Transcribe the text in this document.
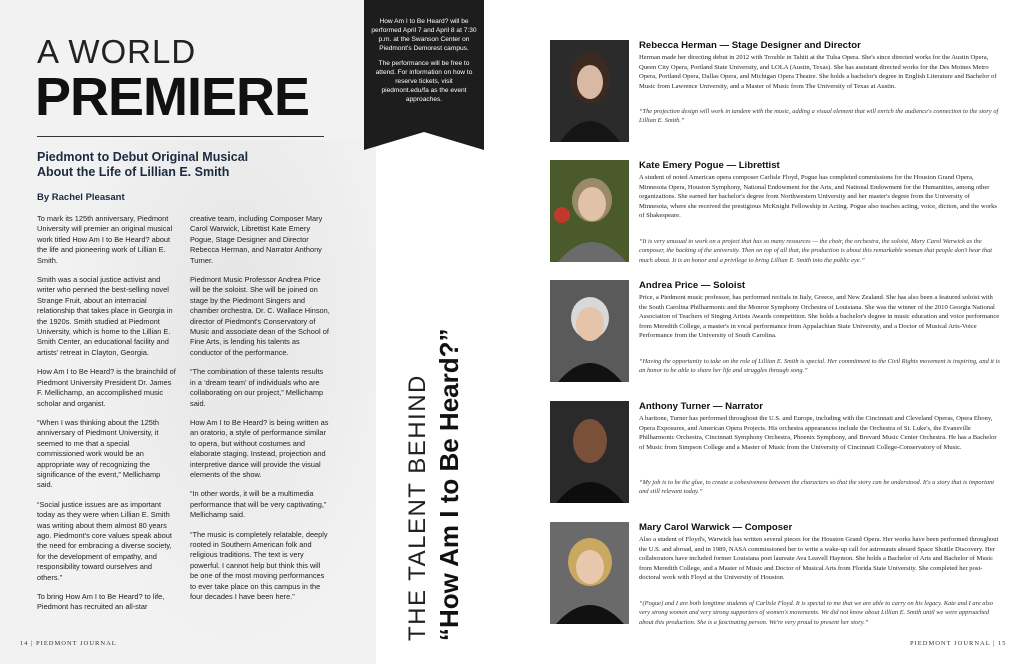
A WORLD
PREMIERE
Piedmont to Debut Original Musical About the Life of Lillian E. Smith
By Rachel Pleasant

To mark its 125th anniversary, Piedmont University will premier an original musical work titled How Am I to Be Heard? about the life and pioneering work of Lillian E. Smith.

Smith was a social justice activist and writer who penned the best-selling novel Strange Fruit, about an interracial relationship that takes place in Georgia in the 1920s. Smith studied at Piedmont University, which is home to the Lillian E. Smith Center, an educational facility and artists' retreat in Clayton, Georgia.

How Am I to Be Heard? is the brainchild of Piedmont University President Dr. James F. Mellichamp, an accomplished music scholar and organist.

“When I was thinking about the 125th anniversary of Piedmont University, it seemed to me that a special commissioned work would be an appropriate way of recognizing the significance of the event,” Mellichamp said.

“Social justice issues are as important today as they were when Lillian E. Smith was writing about them almost 80 years ago. Piedmont's core values speak about the need for embracing a diverse society, for the development of empathy, and responsibility toward ourselves and others.”

To bring How Am I to Be Heard? to life, Piedmont has recruited an all-star

creative team, including Composer Mary Carol Warwick, Librettist Kate Emery Pogue, Stage Designer and Director Rebecca Herman, and Narrator Anthony Turner.

Piedmont Music Professor Andrea Price will be the soloist. She will be joined on stage by the Piedmont Singers and chamber orchestra. Dr. C. Wallace Hinson, director of Piedmont's Conservatory of Music and associate dean of the School of Fine Arts, is lending his talents as conductor of the performance.

“The combination of these talents results in a ‘dream team’ of individuals who are collaborating on our project,” Mellichamp said.

How Am I to Be Heard? is being written as an oratorio, a style of performance similar to opera, but without costumes and elaborate staging. Instead, projection and interpretive dance will provide the visual elements of the show.

“In other words, it will be a multimedia performance that will be very captivating,” Mellichamp said.

“The music is completely relatable, deeply rooted in Southern American folk and religious traditions. The text is very powerful. I cannot help but think this will be one of the most moving performances to ever take place on this campus in the four decades I have been here.”

14 | PIEDMONT JOURNAL

How Am I to Be Heard? will be performed April 7 and April 8 at 7:30 p.m. at the Swanson Center on Piedmont's Demorest campus.

The performance will be free to attend. For information on how to reserve tickets, visit piedmont.edu/fa as the event approaches.

THE TALENT BEHIND “How Am I to Be Heard?”
Rebecca Herman — Stage Designer and Director
Herman made her directing debut in 2012 with Trouble in Tahiti at the Tulsa Opera. She's since directed works for the Austin Opera, Queen City Opera, Portland State University, and LOLA (Austin, Texas). She has assistant directed works for the Des Moines Metro Opera, Portland Opera, Dallas Opera, and Michigan Opera Theatre. She holds a bachelor's degree in English Literature and Bachelor of Music from Lawrence University, and a Master of Music from The University of Texas at Austin.
“The projection design will work in tandem with the music, adding a visual element that will enrich the audience's connection to the story of Lillian E. Smith.”
Kate Emery Pogue — Librettist
A student of noted American opera composer Carlisle Floyd, Pogue has completed commissions for the Houston Grand Opera, Minnesota Opera, Houston Symphony, National Endowment for the Arts, and National Endowment for the Humanities, among other organizations. She earned her bachelor's degree from Northwestern University and her master's degree from the University of Minnesota, where she received the prestigious McKnight Fellowship in Acting. Pogue also teaches acting, voice, diction, and the works of Shakespeare.
“It is very unusual to work on a project that has so many resources — the choir, the orchestra, the soloist, Mary Carol Warwick as the composer, the backing of the university. Then on top of all that, the production is about this remarkable woman that people don't hear that much about. It is an honor and a privilege to bring Lillian E. Smith into the public eye.”
Andrea Price — Soloist
Price, a Piedmont music professor, has performed recitals in Italy, Greece, and New Zealand. She has also been a featured soloist with the South Carolina Philharmonic and the Monroe Symphony Orchestra of Louisiana. She was the winner of the 2010 Georgia National Association of Teachers of Singing Artists Awards competition. She holds a bachelor's degree in music education and voice performance from Meredith College, a master's in vocal performance from Appalachian State University, and a Doctor of Musical Arts-Voice Performance from the University of South Carolina.
“Having the opportunity to take on the role of Lillian E. Smith is special. Her commitment to the Civil Rights movement is inspiring, and it is an honor to be able to share her life and struggles through song.”
Anthony Turner — Narrator
A baritone, Turner has performed throughout the U.S. and Europe, including with the Cincinnati and Cleveland Operas, Opera Ebony, Opera Exposures, and American Opera Projects. His orchestra appearances include the Orchestra of St. Luke's, the Evansville Philharmonic Orchestra, Cincinnati Symphony Orchestra, Phoenix Symphony, and Brevard Music Center Orchestra. He has a Bachelor of Music from Simpson College and a Master of Music from the University of Cincinnati College-Conservatory of Music.
“My job is to be the glue, to create a cohesiveness between the characters so that the story can be understood. It's a story that is important and still relevant today.”
Mary Carol Warwick — Composer
Also a student of Floyd's, Warwick has written several pieces for the Houston Grand Opera. Her works have been performed throughout the U.S. and abroad, and in 1989, NASA commissioned her to write a wake-up call for astronauts aboard Space Shuttle Discovery. Her collaborators have included former Louisiana poet laureate Ava Leavell Haymon. She holds a Bachelor of Arts and Bachelor of Music from Meredith College, and a Master of Music and Doctor of Musical Arts from Florida State University. She completed her post-doctoral work with Floyd at the University of Houston.
“(Pogue) and I are both longtime students of Carlisle Floyd. It is special to me that we are able to carry on his legacy. Kate and I are also very strong women and very strong supporters of women's movements. We did not know about Lillian E. Smith until we were approached about this production. She is a fascinating person. We're very proud to present her story.”
PIEDMONT JOURNAL | 15
